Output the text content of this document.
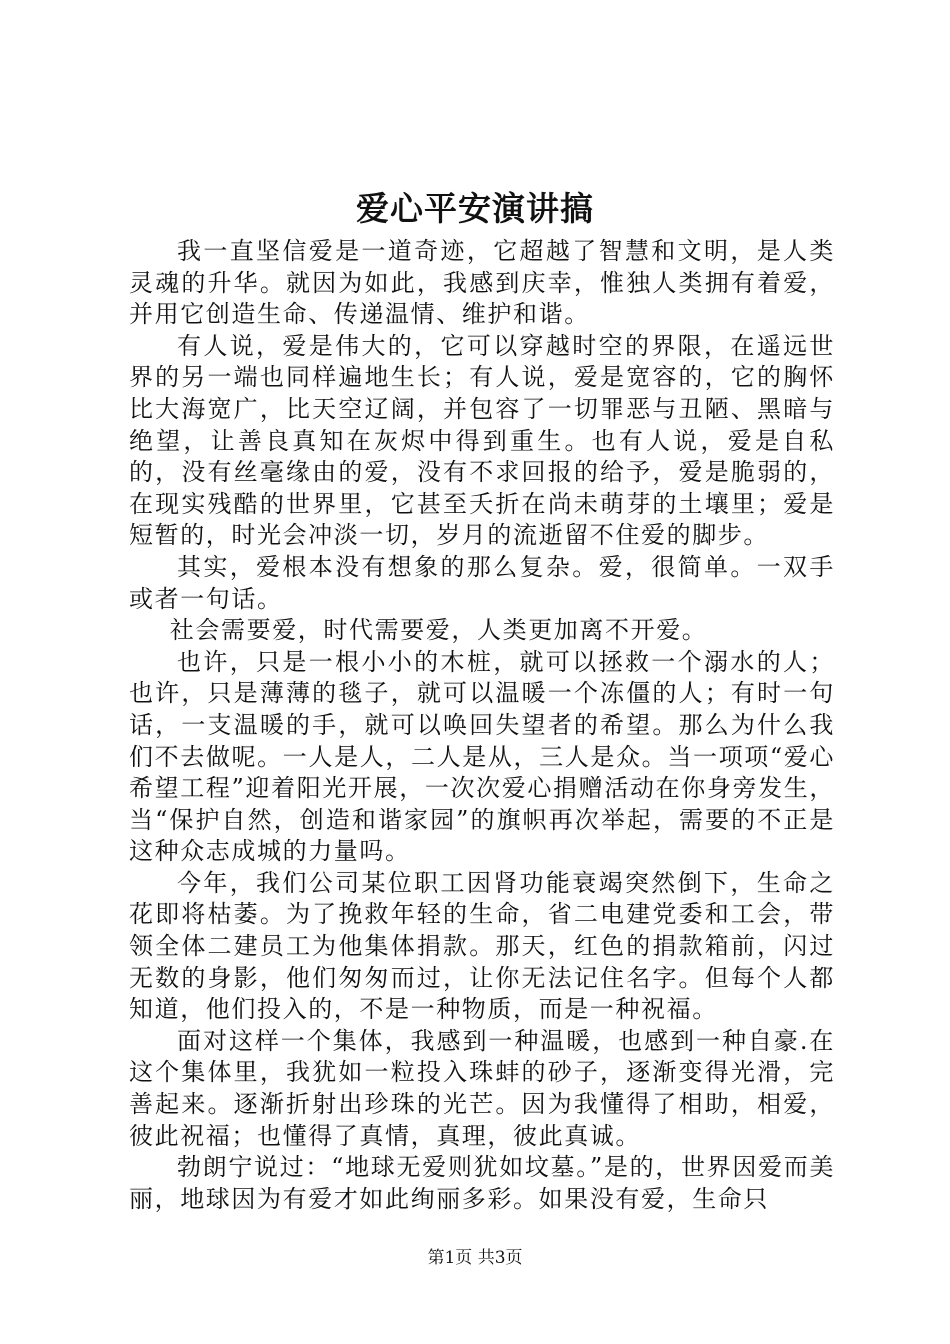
爱心平安演讲搞

我一直坚信爱是一道奇迹，它超越了智慧和文明，是人类灵魂的升华。就因为如此，我感到庆幸，惟独人类拥有着爱，并用它创造生命、传递温情、维护和谐。

有人说，爱是伟大的，它可以穿越时空的界限，在遥远世界的另一端也同样遍地生长；有人说，爱是宽容的，它的胸怀比大海宽广，比天空辽阔，并包容了一切罪恶与丑陋、黑暗与绝望，让善良真知在灰烬中得到重生。也有人说，爱是自私的，没有丝毫缘由的爱，没有不求回报的给予，爱是脆弱的，在现实残酷的世界里，它甚至夭折在尚未萌芽的土壤里；爱是短暂的，时光会冲淡一切，岁月的流逝留不住爱的脚步。

其实，爱根本没有想象的那么复杂。爱，很简单。一双手或者一句话。

社会需要爱，时代需要爱，人类更加离不开爱。

也许，只是一根小小的木桩，就可以拯救一个溺水的人；也许，只是薄薄的毯子，就可以温暖一个冻僵的人；有时一句话，一支温暖的手，就可以唤回失望者的希望。那么为什么我们不去做呢。一人是人，二人是从，三人是众。当一项项“爱心希望工程”迎着阳光开展，一次次爱心捐赠活动在你身旁发生，当“保护自然，创造和谐家园”的旗帜再次举起，需要的不正是这种众志成城的力量吗。

今年，我们公司某位职工因肾功能衰竭突然倒下，生命之花即将枯萎。为了挽救年轻的生命，省二电建党委和工会，带领全体二建员工为他集体捐款。那天，红色的捐款箱前，闪过无数的身影，他们匆匆而过，让你无法记住名字。但每个人都知道，他们投入的，不是一种物质，而是一种祝福。

面对这样一个集体，我感到一种温暖，也感到一种自豪.在这个集体里，我犹如一粒投入珠蚌的砂子，逐渐变得光滑，完善起来。逐渐折射出珍珠的光芒。因为我懂得了相助，相爱，彼此祝福；也懂得了真情，真理，彼此真诚。

勃朗宁说过：“地球无爱则犹如坟墓。”是的，世界因爱而美丽，地球因为有爱才如此绚丽多彩。如果没有爱，生命只

第1页 共3页
